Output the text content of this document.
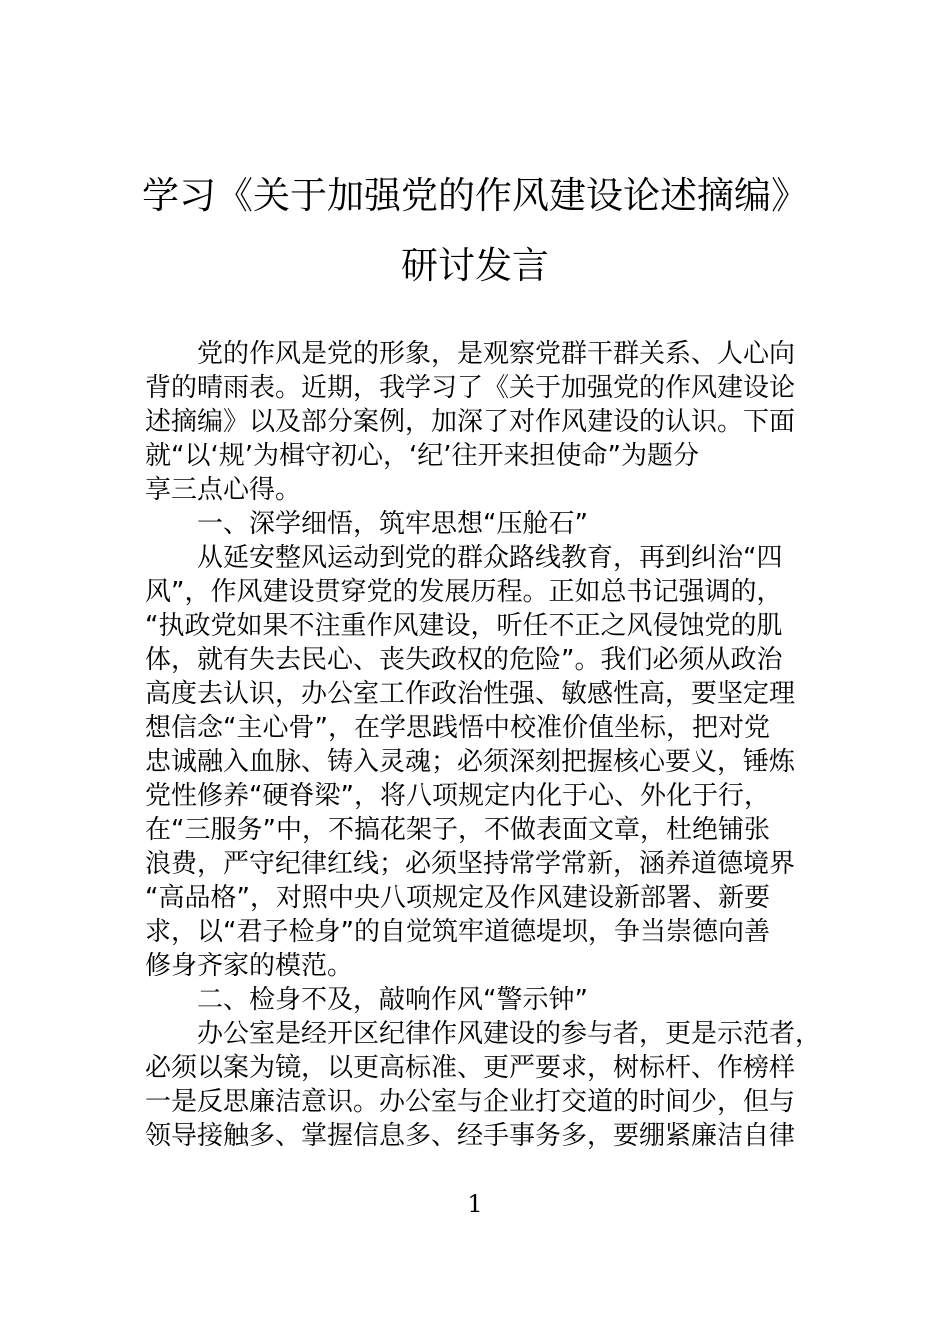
学习《关于加强党的作风建设论述摘编》
研讨发言
　　党的作风是党的形象，是观察党群干群关系、人心向
背的晴雨表。近期，我学习了《关于加强党的作风建设论
述摘编》以及部分案例，加深了对作风建设的认识。下面
就“以‘规’为楫守初心，‘纪’往开来担使命”为题分
享三点心得。
　　一、深学细悟，筑牢思想“压舱石”
　　从延安整风运动到党的群众路线教育，再到纠治“四
风”，作风建设贯穿党的发展历程。正如总书记强调的，
“执政党如果不注重作风建设，听任不正之风侵蚀党的肌
体，就有失去民心、丧失政权的危险”。我们必须从政治
高度去认识，办公室工作政治性强、敏感性高，要坚定理
想信念“主心骨”，在学思践悟中校准价值坐标，把对党
忠诚融入血脉、铸入灵魂；必须深刻把握核心要义，锤炼
党性修养“硬脊梁”，将八项规定内化于心、外化于行，
在“三服务”中，不搞花架子，不做表面文章，杜绝铺张
浪费，严守纪律红线；必须坚持常学常新，涵养道德境界
“高品格”，对照中央八项规定及作风建设新部署、新要
求，以“君子检身”的自觉筑牢道德堤坝，争当崇德向善
修身齐家的模范。
　　二、检身不及，敲响作风“警示钟”
　　办公室是经开区纪律作风建设的参与者，更是示范者，
必须以案为镜，以更高标准、更严要求，树标杆、作榜样
一是反思廉洁意识。办公室与企业打交道的时间少，但与
领导接触多、掌握信息多、经手事务多，要绷紧廉洁自律
1
